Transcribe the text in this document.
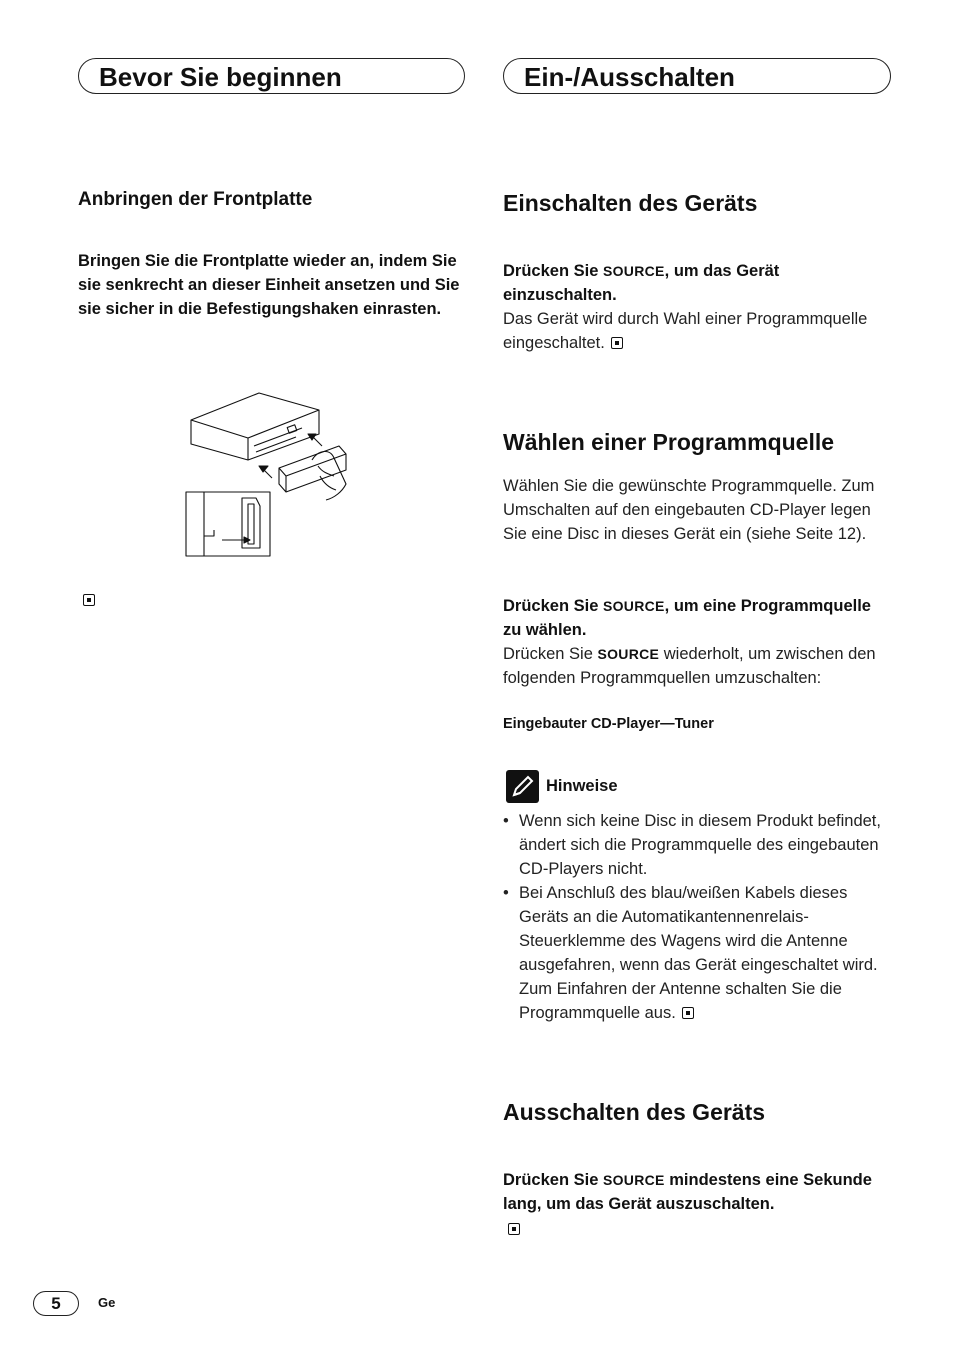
Bevor Sie beginnen	Ein-/Ausschalten
Anbringen der Frontplatte
Bringen Sie die Frontplatte wieder an, indem Sie sie senkrecht an dieser Einheit ansetzen und Sie sie sicher in die Befestigungshaken einrasten.
Einschalten des Geräts
Drücken Sie SOURCE, um das Gerät einzuschalten.
Das Gerät wird durch Wahl einer Programmquelle eingeschaltet.
Wählen einer Programmquelle
Wählen Sie die gewünschte Programmquelle. Zum Umschalten auf den eingebauten CD-Player legen Sie eine Disc in dieses Gerät ein (siehe Seite 12).
Drücken Sie SOURCE, um eine Programmquelle zu wählen.
Drücken Sie SOURCE wiederholt, um zwischen den folgenden Programmquellen umzuschalten:
Eingebauter CD-Player—Tuner
Hinweise
• Wenn sich keine Disc in diesem Produkt befindet, ändert sich die Programmquelle des eingebauten CD-Players nicht.
• Bei Anschluß des blau/weißen Kabels dieses Geräts an die Automatikantennenrelais-Steuerklemme des Wagens wird die Antenne ausgefahren, wenn das Gerät eingeschaltet wird. Zum Einfahren der Antenne schalten Sie die Programmquelle aus.
Ausschalten des Geräts
Drücken Sie SOURCE mindestens eine Sekunde lang, um das Gerät auszuschalten.
5	Ge
